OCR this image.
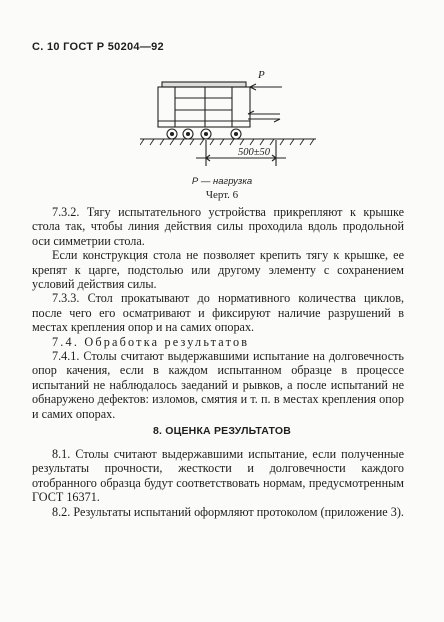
С. 10 ГОСТ Р 50204—92
P
500±50
Р — нагрузка
Черт. 6

7.3.2. Тягу испытательного устройства прикрепляют к крышке стола так, чтобы линия действия силы проходила вдоль продольной оси симметрии стола.

Если конструкция стола не позволяет крепить тягу к крышке, ее крепят к царге, подстолью или другому элементу с сохранением условий действия силы.

7.3.3. Стол прокатывают до нормативного количества циклов, после чего его осматривают и фиксируют наличие разрушений в местах крепления опор и на самих опорах.

7.4. Обработка результатов

7.4.1. Столы считают выдержавшими испытание на долговечность опор качения, если в каждом испытанном образце в процессе испытаний не наблюдалось заеданий и рывков, а после испытаний не обнаружено дефектов: изломов, смятия и т. п. в местах крепления опор и самих опорах.

8. ОЦЕНКА РЕЗУЛЬТАТОВ

8.1. Столы считают выдержавшими испытание, если полученные результаты прочности, жесткости и долговечности каждого отобранного образца будут соответствовать нормам, предусмотренным ГОСТ 16371.

8.2. Результаты испытаний оформляют протоколом (приложение 3).
